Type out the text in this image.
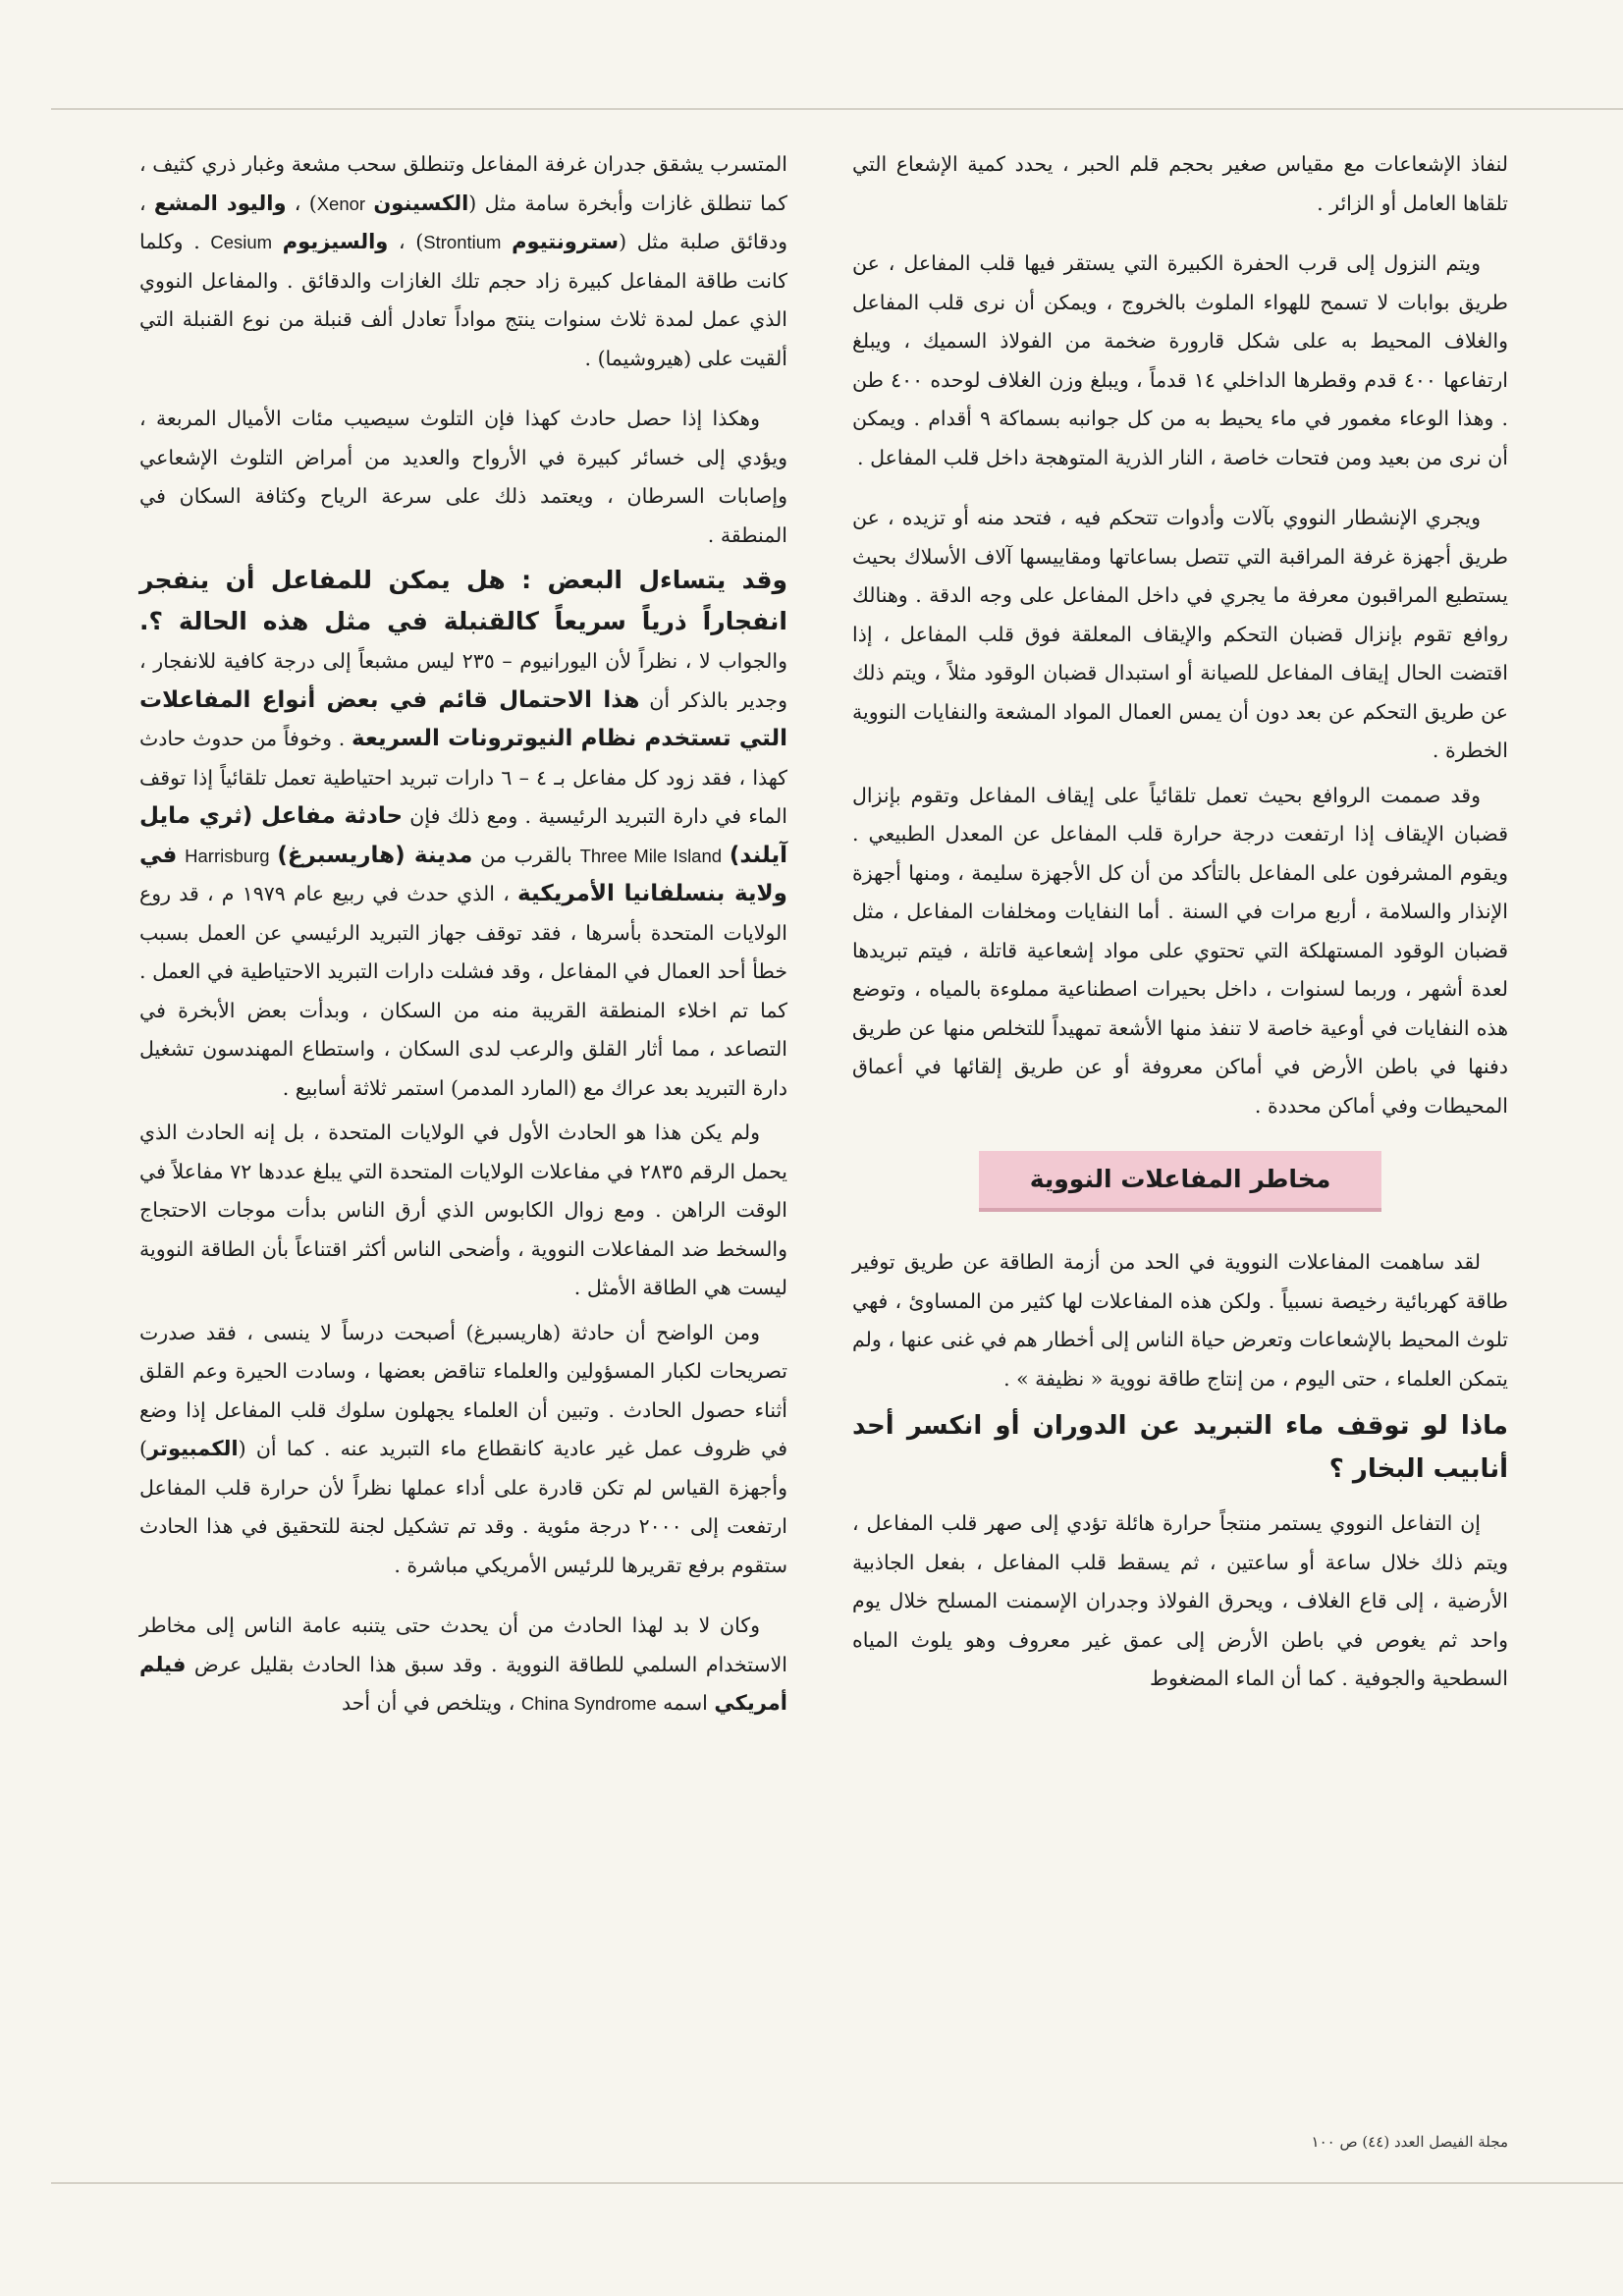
لنفاذ الإشعاعات مع مقياس صغير بحجم قلم الحبر ، يحدد كمية الإشعاع التي تلقاها العامل أو الزائر .

ويتم النزول إلى قرب الحفرة الكبيرة التي يستقر فيها قلب المفاعل ، عن طريق بوابات لا تسمح للهواء الملوث بالخروج ، ويمكن أن نرى قلب المفاعل والغلاف المحيط به على شكل قارورة ضخمة من الفولاذ السميك ، ويبلغ ارتفاعها ٤٠٠ قدم وقطرها الداخلي ١٤ قدماً ، ويبلغ وزن الغلاف لوحده ٤٠٠ طن . وهذا الوعاء مغمور في ماء يحيط به من كل جوانبه بسماكة ٩ أقدام . ويمكن أن نرى من بعيد ومن فتحات خاصة ، النار الذرية المتوهجة داخل قلب المفاعل .

ويجري الإنشطار النووي بآلات وأدوات تتحكم فيه ، فتحد منه أو تزيده ، عن طريق أجهزة غرفة المراقبة التي تتصل بساعاتها ومقاييسها آلاف الأسلاك بحيث يستطيع المراقبون معرفة ما يجري في داخل المفاعل على وجه الدقة . وهنالك روافع تقوم بإنزال قضبان التحكم والإيقاف المعلقة فوق قلب المفاعل ، إذا اقتضت الحال إيقاف المفاعل للصيانة أو استبدال قضبان الوقود مثلاً ، ويتم ذلك عن طريق التحكم عن بعد دون أن يمس العمال المواد المشعة والنفايات النووية الخطرة .

وقد صممت الروافع بحيث تعمل تلقائياً على إيقاف المفاعل وتقوم بإنزال قضبان الإيقاف إذا ارتفعت درجة حرارة قلب المفاعل عن المعدل الطبيعي . ويقوم المشرفون على المفاعل بالتأكد من أن كل الأجهزة سليمة ، ومنها أجهزة الإنذار والسلامة ، أربع مرات في السنة . أما النفايات ومخلفات المفاعل ، مثل قضبان الوقود المستهلكة التي تحتوي على مواد إشعاعية قاتلة ، فيتم تبريدها لعدة أشهر ، وربما لسنوات ، داخل بحيرات اصطناعية مملوءة بالمياه ، وتوضع هذه النفايات في أوعية خاصة لا تنفذ منها الأشعة تمهيداً للتخلص منها عن طريق دفنها في باطن الأرض في أماكن معروفة أو عن طريق إلقائها في أعماق المحيطات وفي أماكن محددة .

مخاطر المفاعلات النووية

لقد ساهمت المفاعلات النووية في الحد من أزمة الطاقة عن طريق توفير طاقة كهربائية رخيصة نسبياً . ولكن هذه المفاعلات لها كثير من المساوئ ، فهي تلوث المحيط بالإشعاعات وتعرض حياة الناس إلى أخطار هم في غنى عنها ، ولم يتمكن العلماء ، حتى اليوم ، من إنتاج طاقة نووية « نظيفة » .

ماذا لو توقف ماء التبريد عن الدوران أو انكسر أحد أنابيب البخار ؟

إن التفاعل النووي يستمر منتجاً حرارة هائلة تؤدي إلى صهر قلب المفاعل ، ويتم ذلك خلال ساعة أو ساعتين ، ثم يسقط قلب المفاعل ، بفعل الجاذبية الأرضية ، إلى قاع الغلاف ، ويحرق الفولاذ وجدران الإسمنت المسلح خلال يوم واحد ثم يغوص في باطن الأرض إلى عمق غير معروف وهو يلوث المياه السطحية والجوفية . كما أن الماء المضغوط

المتسرب يشقق جدران غرفة المفاعل وتنطلق سحب مشعة وغبار ذري كثيف ، كما تنطلق غازات وأبخرة سامة مثل (الكسينون Xenor) ، واليود المشع ، ودقائق صلبة مثل (سترونتيوم Strontium) ، والسيزيوم Cesium . وكلما كانت طاقة المفاعل كبيرة زاد حجم تلك الغازات والدقائق . والمفاعل النووي الذي عمل لمدة ثلاث سنوات ينتج مواداً تعادل ألف قنبلة من نوع القنبلة التي ألقيت على (هيروشيما) .

وهكذا إذا حصل حادث كهذا فإن التلوث سيصيب مئات الأميال المربعة ، ويؤدي إلى خسائر كبيرة في الأرواح والعديد من أمراض التلوث الإشعاعي وإصابات السرطان ، ويعتمد ذلك على سرعة الرياح وكثافة السكان في المنطقة .

وقد يتساءل البعض : هل يمكن للمفاعل أن ينفجر انفجاراً ذرياً سريعاً كالقنبلة في مثل هذه الحالة ؟. والجواب لا ، نظراً لأن اليورانيوم – ٢٣٥ ليس مشبعاً إلى درجة كافية للانفجار ، وجدير بالذكر أن هذا الاحتمال قائم في بعض أنواع المفاعلات التي تستخدم نظام النيوترونات السريعة . وخوفاً من حدوث حادث كهذا ، فقد زود كل مفاعل بـ ٤ – ٦ دارات تبريد احتياطية تعمل تلقائياً إذا توقف الماء في دارة التبريد الرئيسية . ومع ذلك فإن حادثة مفاعل (ثري مايل آيلند) Three Mile Island بالقرب من مدينة (هاريسبرغ) Harrisburg في ولاية بنسلفانيا الأمريكية ، الذي حدث في ربيع عام ١٩٧٩ م ، قد روع الولايات المتحدة بأسرها ، فقد توقف جهاز التبريد الرئيسي عن العمل بسبب خطأ أحد العمال في المفاعل ، وقد فشلت دارات التبريد الاحتياطية في العمل . كما تم اخلاء المنطقة القريبة منه من السكان ، وبدأت بعض الأبخرة في التصاعد ، مما أثار القلق والرعب لدى السكان ، واستطاع المهندسون تشغيل دارة التبريد بعد عراك مع (المارد المدمر) استمر ثلاثة أسابيع .

ولم يكن هذا هو الحادث الأول في الولايات المتحدة ، بل إنه الحادث الذي يحمل الرقم ٢٨٣٥ في مفاعلات الولايات المتحدة التي يبلغ عددها ٧٢ مفاعلاً في الوقت الراهن . ومع زوال الكابوس الذي أرق الناس بدأت موجات الاحتجاج والسخط ضد المفاعلات النووية ، وأضحى الناس أكثر اقتناعاً بأن الطاقة النووية ليست هي الطاقة الأمثل .

ومن الواضح أن حادثة (هاريسبرغ) أصبحت درساً لا ينسى ، فقد صدرت تصريحات لكبار المسؤولين والعلماء تناقض بعضها ، وسادت الحيرة وعم القلق أثناء حصول الحادث . وتبين أن العلماء يجهلون سلوك قلب المفاعل إذا وضع في ظروف عمل غير عادية كانقطاع ماء التبريد عنه . كما أن (الكمبيوتر) وأجهزة القياس لم تكن قادرة على أداء عملها نظراً لأن حرارة قلب المفاعل ارتفعت إلى ٢٠٠٠ درجة مئوية . وقد تم تشكيل لجنة للتحقيق في هذا الحادث ستقوم برفع تقريرها للرئيس الأمريكي مباشرة .

وكان لا بد لهذا الحادث من أن يحدث حتى يتنبه عامة الناس إلى مخاطر الاستخدام السلمي للطاقة النووية . وقد سبق هذا الحادث بقليل عرض فيلم أمريكي اسمه China Syndrome ، ويتلخص في أن أحد

مجلة الفيصل العدد (٤٤) ص ١٠٠
